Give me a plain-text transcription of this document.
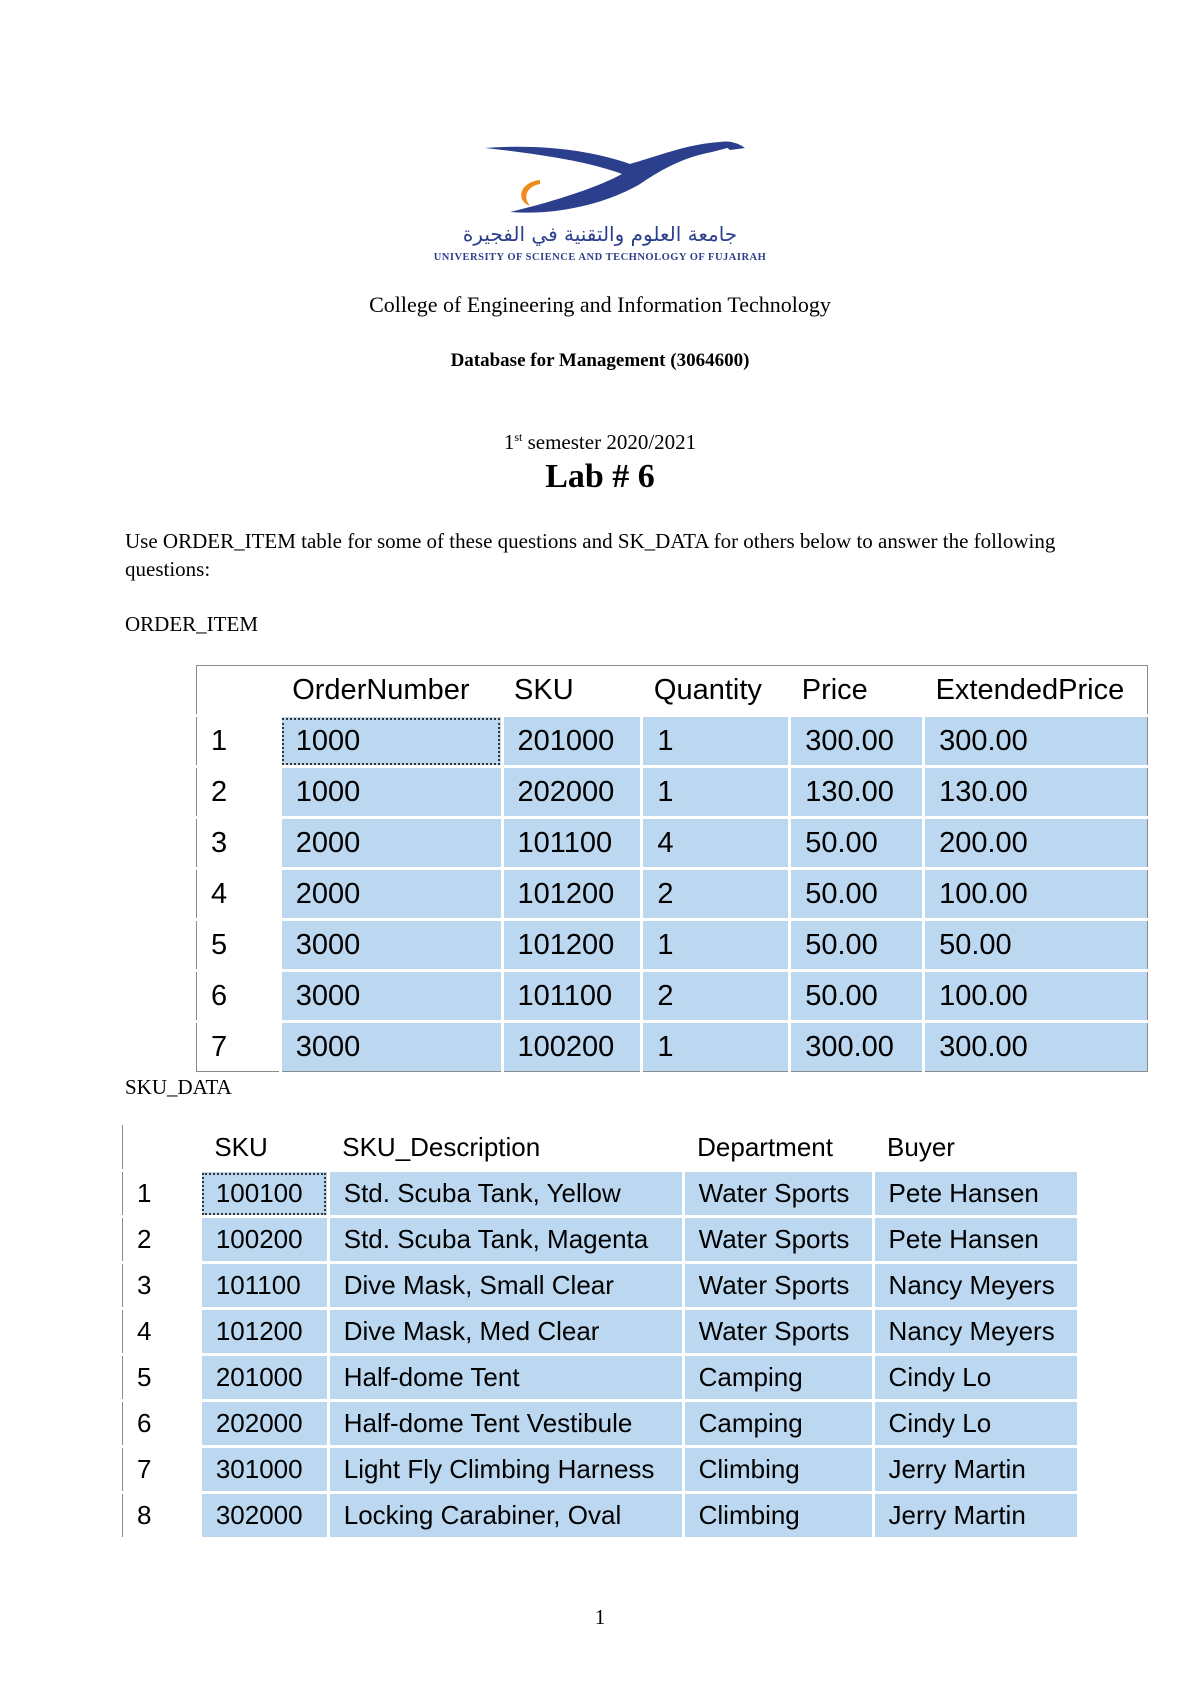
جامعة العلوم والتقنية في الفجيرة
UNIVERSITY OF SCIENCE AND TECHNOLOGY OF FUJAIRAH
College of Engineering and Information Technology
Database for Management (3064600)
1st semester 2020/2021
Lab # 6
Use ORDER_ITEM table for some of these questions and SK_DATA for others below to answer the following questions:
ORDER_ITEM
	OrderNumber	SKU	Quantity	Price	ExtendedPrice
1	1000	201000	1	300.00	300.00
2	1000	202000	1	130.00	130.00
3	2000	101100	4	50.00	200.00
4	2000	101200	2	50.00	100.00
5	3000	101200	1	50.00	50.00
6	3000	101100	2	50.00	100.00
7	3000	100200	1	300.00	300.00
SKU_DATA
	SKU	SKU_Description	Department	Buyer
1	100100	Std. Scuba Tank, Yellow	Water Sports	Pete Hansen
2	100200	Std. Scuba Tank, Magenta	Water Sports	Pete Hansen
3	101100	Dive Mask, Small Clear	Water Sports	Nancy Meyers
4	101200	Dive Mask, Med Clear	Water Sports	Nancy Meyers
5	201000	Half-dome Tent	Camping	Cindy Lo
6	202000	Half-dome Tent Vestibule	Camping	Cindy Lo
7	301000	Light Fly Climbing Harness	Climbing	Jerry Martin
8	302000	Locking Carabiner, Oval	Climbing	Jerry Martin
1
